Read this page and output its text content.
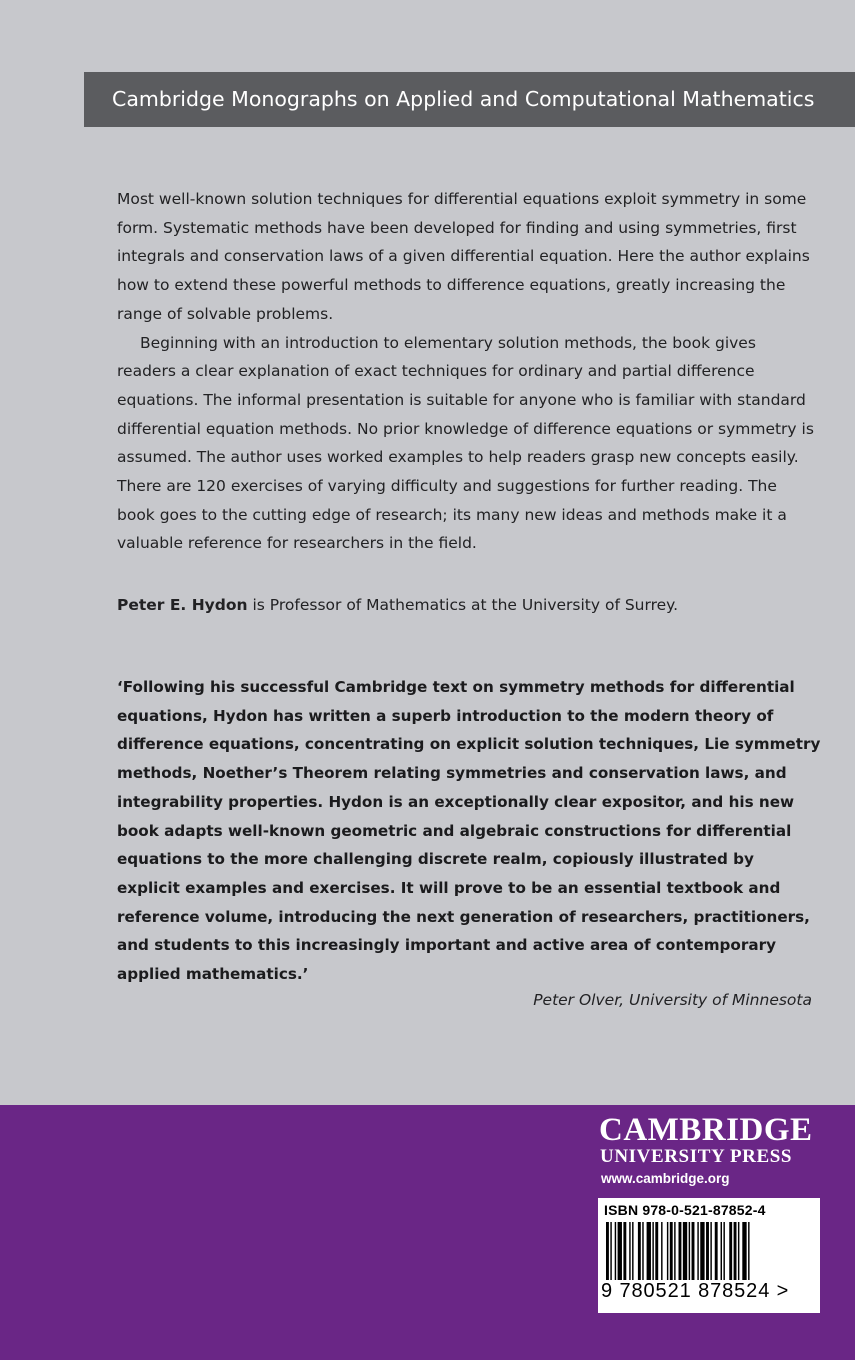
Cambridge Monographs on Applied and Computational Mathematics

Most well-known solution techniques for differential equations exploit symmetry in some form. Systematic methods have been developed for finding and using symmetries, first integrals and conservation laws of a given differential equation. Here the author explains how to extend these powerful methods to difference equations, greatly increasing the range of solvable problems.

Beginning with an introduction to elementary solution methods, the book gives readers a clear explanation of exact techniques for ordinary and partial difference equations. The informal presentation is suitable for anyone who is familiar with standard differential equation methods. No prior knowledge of difference equations or symmetry is assumed. The author uses worked examples to help readers grasp new concepts easily. There are 120 exercises of varying difficulty and suggestions for further reading. The book goes to the cutting edge of research; its many new ideas and methods make it a valuable reference for researchers in the field.

Peter E. Hydon is Professor of Mathematics at the University of Surrey.
‘Following his successful Cambridge text on symmetry methods for differential equations, Hydon has written a superb introduction to the modern theory of difference equations, concentrating on explicit solution techniques, Lie symmetry methods, Noether’s Theorem relating symmetries and conservation laws, and integrability properties. Hydon is an exceptionally clear expositor, and his new book adapts well-known geometric and algebraic constructions for differential equations to the more challenging discrete realm, copiously illustrated by explicit examples and exercises. It will prove to be an essential textbook and reference volume, introducing the next generation of researchers, practitioners, and students to this increasingly important and active area of contemporary applied mathematics.’
Peter Olver, University of Minnesota
CAMBRIDGE
UNIVERSITY PRESS
www.cambridge.org
ISBN 978-0-521-87852-4
9 780521 878524 >
